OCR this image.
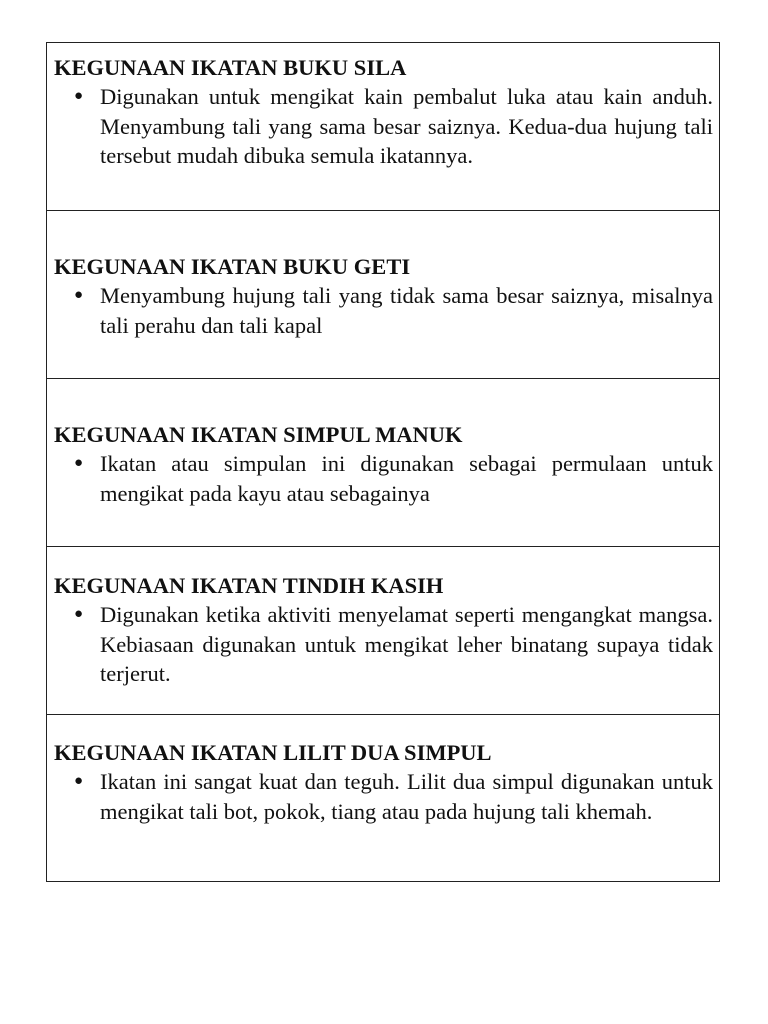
KEGUNAAN IKATAN BUKU SILA

● Digunakan untuk mengikat kain pembalut luka atau kain anduh. Menyambung tali yang sama besar saiznya. Kedua-dua hujung tali tersebut mudah dibuka semula ikatannya.

KEGUNAAN IKATAN BUKU GETI

● Menyambung hujung tali yang tidak sama besar saiznya, misalnya tali perahu dan tali kapal

KEGUNAAN IKATAN SIMPUL MANUK

● Ikatan atau simpulan ini digunakan sebagai permulaan untuk mengikat pada kayu atau sebagainya

KEGUNAAN IKATAN TINDIH KASIH

● Digunakan ketika aktiviti menyelamat seperti mengangkat mangsa. Kebiasaan digunakan untuk mengikat leher binatang supaya tidak terjerut.

KEGUNAAN IKATAN LILIT DUA SIMPUL

● Ikatan ini sangat kuat dan teguh. Lilit dua simpul digunakan untuk mengikat tali bot, pokok, tiang atau pada hujung tali khemah.
